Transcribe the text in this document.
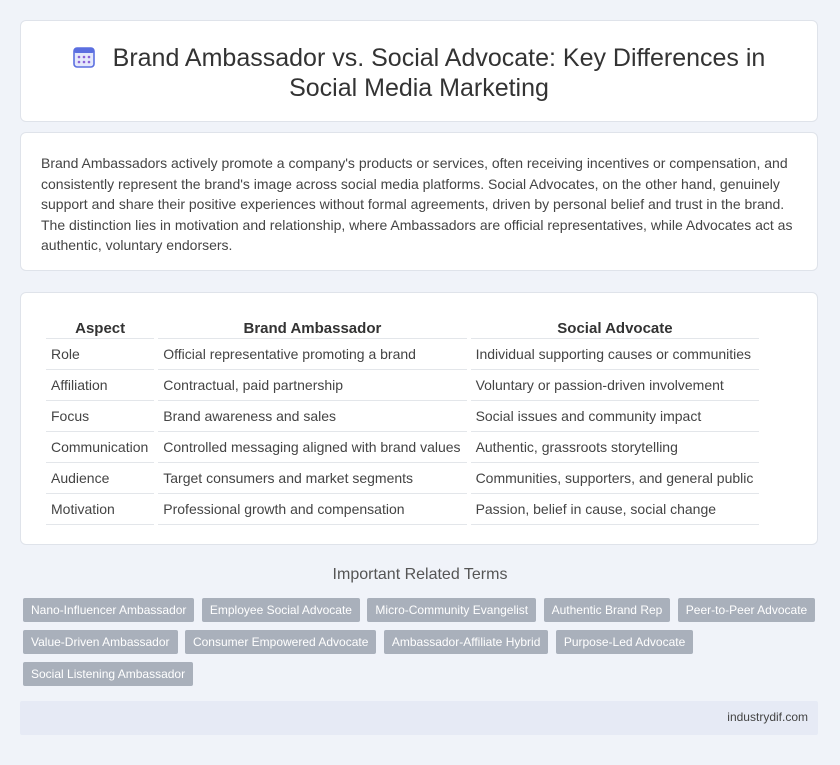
Brand Ambassador vs. Social Advocate: Key Differences in Social Media Marketing
Brand Ambassadors actively promote a company's products or services, often receiving incentives or compensation, and consistently represent the brand's image across social media platforms. Social Advocates, on the other hand, genuinely support and share their positive experiences without formal agreements, driven by personal belief and trust in the brand. The distinction lies in motivation and relationship, where Ambassadors are official representatives, while Advocates act as authentic, voluntary endorsers.
Aspect	Brand Ambassador	Social Advocate
Role	Official representative promoting a brand	Individual supporting causes or communities
Affiliation	Contractual, paid partnership	Voluntary or passion-driven involvement
Focus	Brand awareness and sales	Social issues and community impact
Communication	Controlled messaging aligned with brand values	Authentic, grassroots storytelling
Audience	Target consumers and market segments	Communities, supporters, and general public
Motivation	Professional growth and compensation	Passion, belief in cause, social change
Important Related Terms
Nano-Influencer Ambassador Employee Social Advocate Micro-Community Evangelist Authentic Brand Rep Peer-to-Peer Advocate Value-Driven Ambassador Consumer Empowered Advocate Ambassador-Affiliate Hybrid Purpose-Led Advocate Social Listening Ambassador
industrydif.com
